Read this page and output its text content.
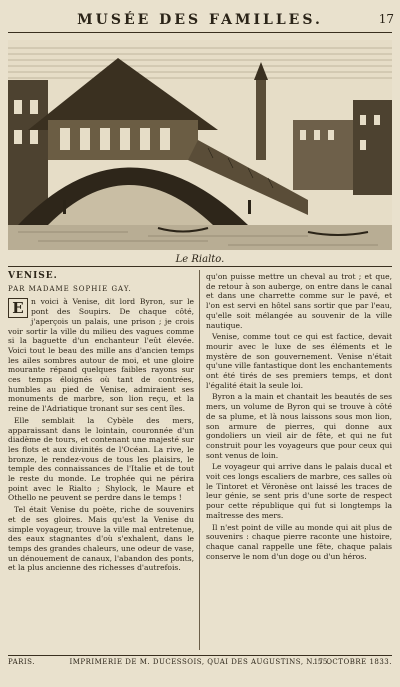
MUSÉE DES FAMILLES.	17
Le Rialto.
VENISE.
PAR MADAME SOPHIE GAY.
E n voici à Venise, dit lord Byron, sur le pont des Soupirs. De chaque côté, j'aperçois un palais, une prison ; je crois voir sortir la ville du milieu des vagues comme si la baguette d'un enchanteur l'eût élevée. Voici tout le beau des mille ans d'ancien temps les ailes sombres autour de moi, et une gloire mourante répand quelques faibles rayons sur ces temps éloignés où tant de contrées, humbles au pied de Venise, admiraient ses monuments de marbre, son lion reçu, et la reine de l'Adriatique tronant sur ses cent îles.

Elle semblait la Cybèle des mers, apparaissant dans le lointain, couronnée d'un diadème de tours, et contenant une majesté sur les flots et aux divinités de l'Océan. La rive, le bronze, le rendez-vous de tous les plaisirs, le temple des connaissances de l'Italie et de tout le reste du monde. Le trophée qui ne périra point avec le Rialto ; Shylock, le Maure et Othello ne peuvent se perdre dans le temps !

Tel était Venise du poète, riche de souvenirs et de ses gloires. Mais qu'est la Venise du simple voyageur, trouve la ville mal entretenue, des eaux stagnantes d'où s'exhalent, dans le temps des grandes chaleurs, une odeur de vase, un dénouement de canaux, l'abandon des ponts, et la plus ancienne des richesses d'autrefois.

qu'on puisse mettre un cheval au trot ; et que, de retour à son auberge, on entre dans le canal et dans une charrette comme sur le pavé, et l'on est servi en hôtel sans sortir que par l'eau, qu'elle soit mélangée au souvenir de la ville nautique.

Venise, comme tout ce qui est factice, devait mourir avec le luxe de ses éléments et le mystère de son gouvernement. Venise n'était qu'une ville fantastique dont les enchantements ont été tirés de ses premiers temps, et dont l'égalité était la seule loi.

Byron a la main et chantait les beautés de ses mers, un volume de Byron qui se trouve à côté de sa plume, et là nous laissons sous mon lion, son armure de pierres, qui donne aux gondoliers un vieil air de fête, et qui ne fut construit pour les voyageurs que pour ceux qui sont venus de loin.

Le voyageur qui arrive dans le palais ducal et voit ces longs escaliers de marbre, ces salles où le Tintoret et Véronèse ont laissé les traces de leur génie, se sent pris d'une sorte de respect pour cette république qui fut si longtemps la maîtresse des mers.

Il n'est point de ville au monde qui ait plus de souvenirs : chaque pierre raconte une histoire, chaque canal rappelle une fête, chaque palais conserve le nom d'un doge ou d'un héros.

PARIS.	IMPRIMERIE DE M. DUCESSOIS, QUAI DES AUGUSTINS, N. 55.
17 OCTOBRE 1833.
